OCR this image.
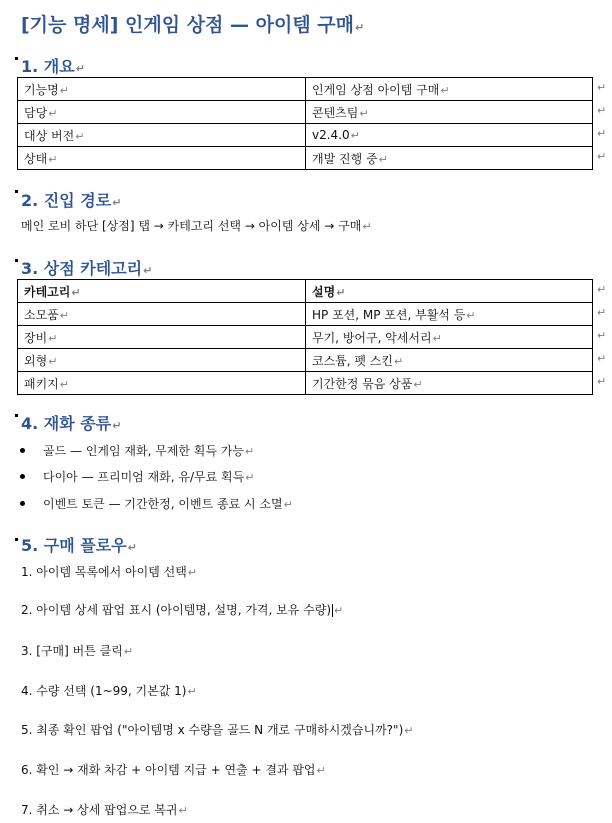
[기능 명세] 인게임 상점 — 아이템 구매↵
1. 개요↵
기능명↵	인게임 상점 아이템 구매↵
담당↵	콘텐츠팀↵
대상 버전↵	v2.4.0↵
상태↵	개발 진행 중↵
↵
↵
↵
↵
2. 진입 경로↵
메인 로비 하단 [상점] 탭 → 카테고리 선택 → 아이템 상세 → 구매↵
3. 상점 카테고리↵
카테고리↵	설명↵
소모품↵	HP 포션, MP 포션, 부활석 등↵
장비↵	무기, 방어구, 악세서리↵
외형↵	코스튬, 펫 스킨↵
패키지↵	기간한정 묶음 상품↵
↵
↵
↵
↵
↵
4. 재화 종류↵
골드 — 인게임 재화, 무제한 획득 가능↵
다이아 — 프리미엄 재화, 유/무료 획득↵
이벤트 토큰 — 기간한정, 이벤트 종료 시 소멸↵
5. 구매 플로우↵
1. 아이템 목록에서 아이템 선택↵
2. 아이템 상세 팝업 표시 (아이템명, 설명, 가격, 보유 수량) ↵
3. [구매] 버튼 클릭↵
4. 수량 선택 (1~99, 기본값 1)↵
5. 최종 확인 팝업 ("아이템명 x 수량을 골드 N 개로 구매하시겠습니까?")↵
6. 확인 → 재화 차감 + 아이템 지급 + 연출 + 결과 팝업↵
7. 취소 → 상세 팝업으로 복귀↵
